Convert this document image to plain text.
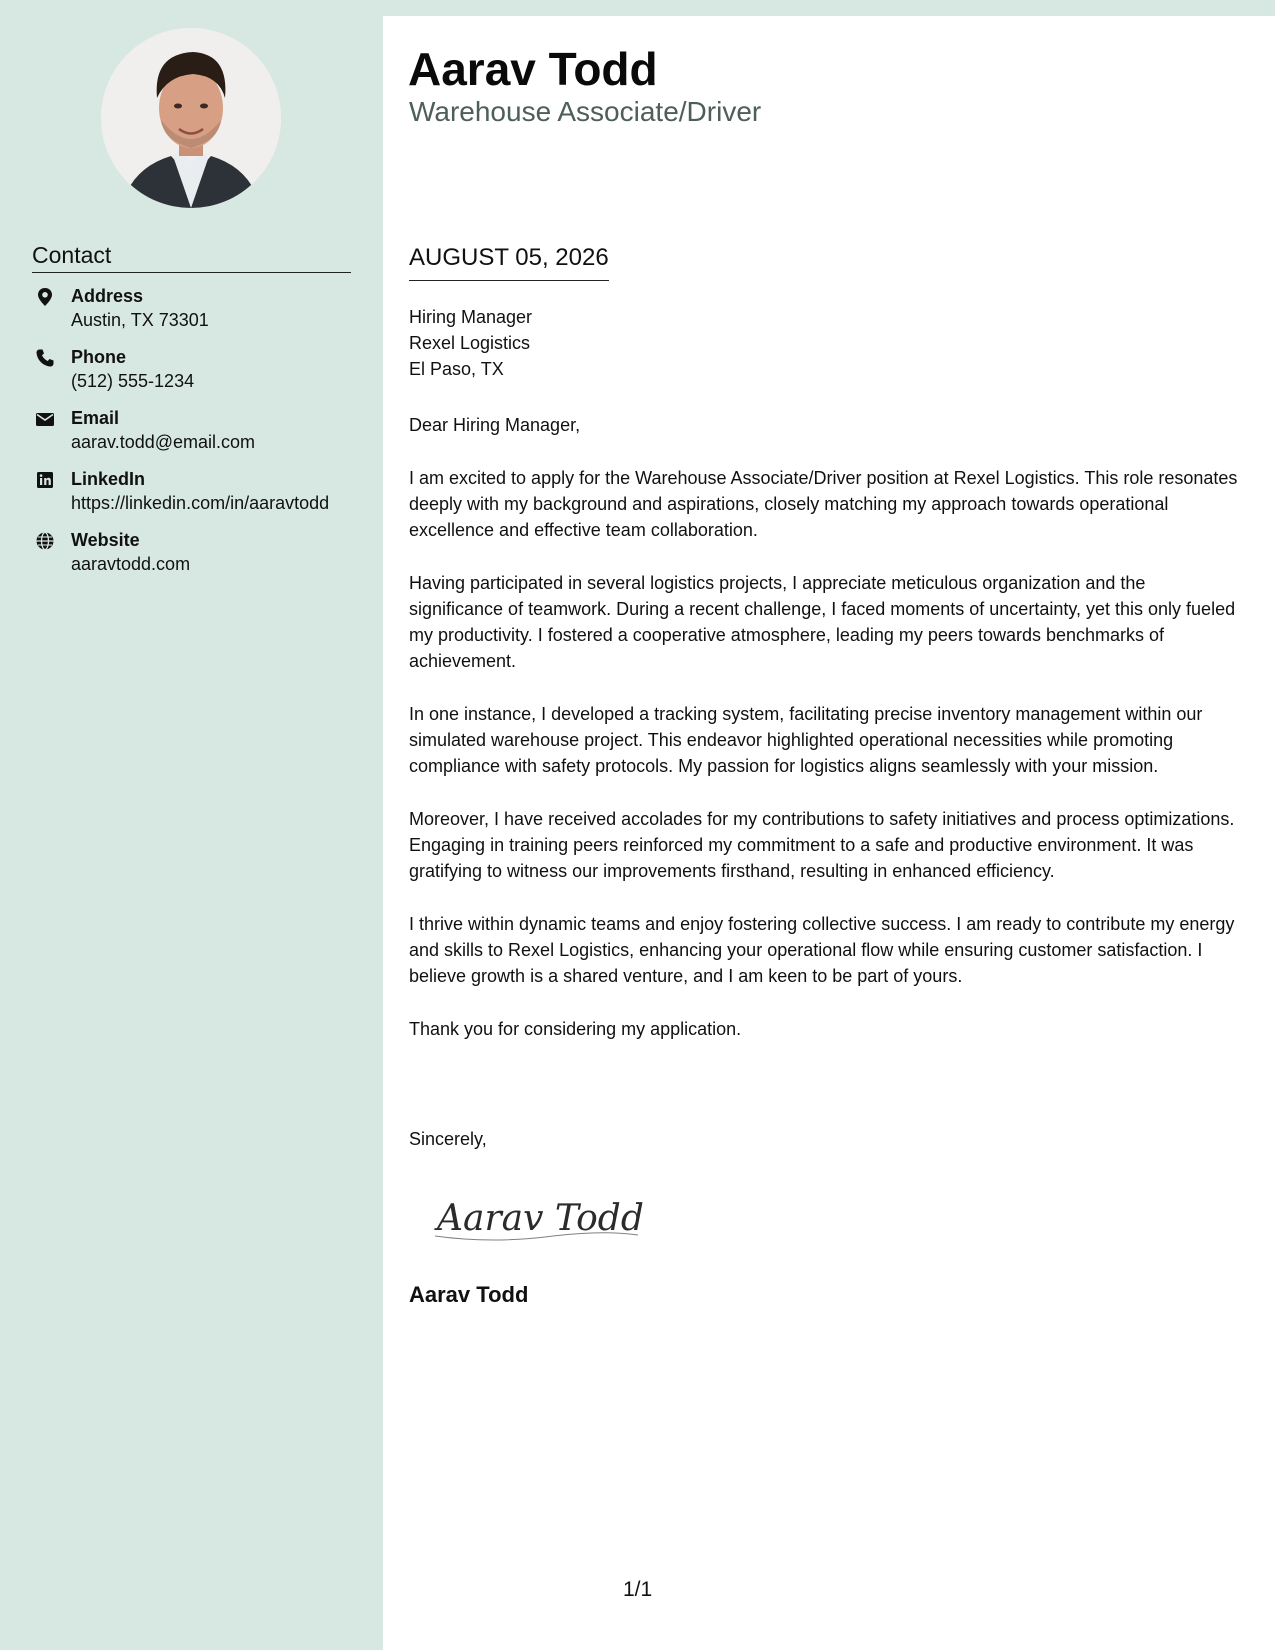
Contact
Address
Austin, TX 73301
Phone
(512) 555-1234
Email
aarav.todd@email.com
LinkedIn
https://linkedin.com/in/aaravtodd
Website
aaravtodd.com
Aarav Todd
Warehouse Associate/Driver
AUGUST 05, 2026
Hiring Manager
Rexel Logistics
El Paso, TX

Dear Hiring Manager,

I am excited to apply for the Warehouse Associate/Driver position at Rexel Logistics. This role resonates deeply with my background and aspirations, closely matching my approach towards operational excellence and effective team collaboration.

Having participated in several logistics projects, I appreciate meticulous organization and the significance of teamwork. During a recent challenge, I faced moments of uncertainty, yet this only fueled my productivity. I fostered a cooperative atmosphere, leading my peers towards benchmarks of achievement.

In one instance, I developed a tracking system, facilitating precise inventory management within our simulated warehouse project. This endeavor highlighted operational necessities while promoting compliance with safety protocols. My passion for logistics aligns seamlessly with your mission.

Moreover, I have received accolades for my contributions to safety initiatives and process optimizations. Engaging in training peers reinforced my commitment to a safe and productive environment. It was gratifying to witness our improvements firsthand, resulting in enhanced efficiency.

I thrive within dynamic teams and enjoy fostering collective success. I am ready to contribute my energy and skills to Rexel Logistics, enhancing your operational flow while ensuring customer satisfaction. I believe growth is a shared venture, and I am keen to be part of yours.

Thank you for considering my application.

Sincerely,
Aarav Todd
Aarav Todd
1/1
